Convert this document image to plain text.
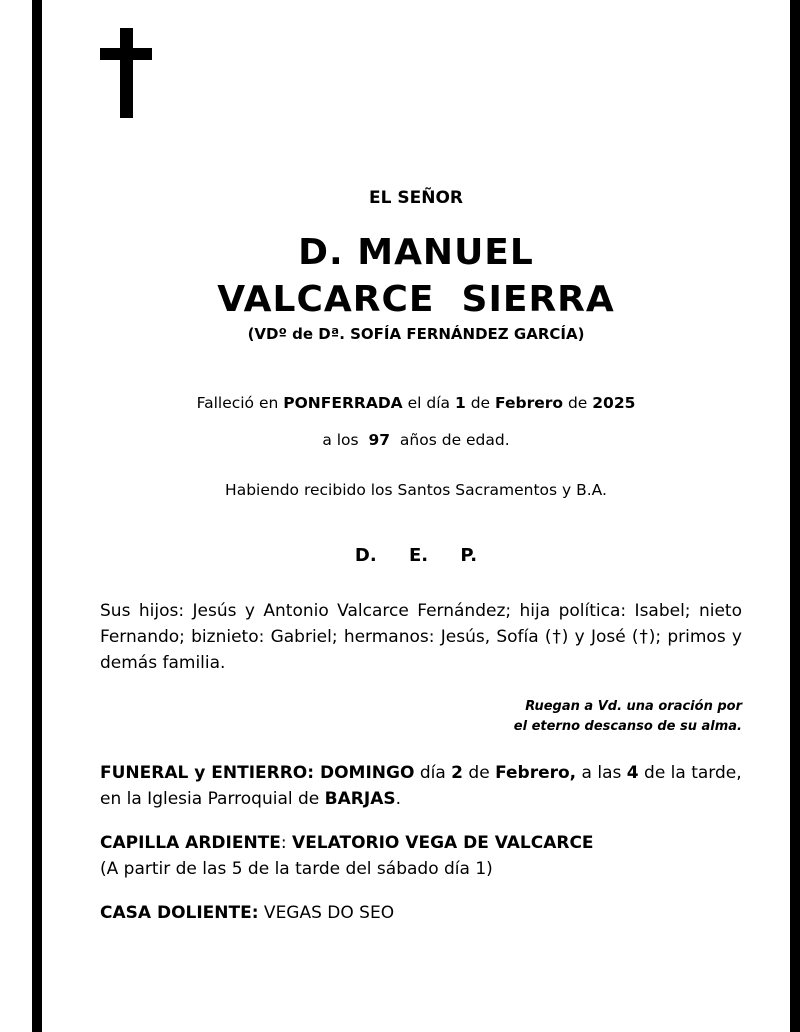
EL SEÑOR
D. MANUEL
VALCARCE  SIERRA
(VDº de Dª. SOFÍA FERNÁNDEZ GARCÍA)
Falleció en PONFERRADA el día 1 de Febrero de 2025
a los  97  años de edad.
Habiendo recibido los Santos Sacramentos y B.A.
D. E. P.
Sus hijos: Jesús y Antonio Valcarce Fernández; hija política: Isabel; nieto Fernando; biznieto: Gabriel; hermanos: Jesús, Sofía (†) y José (†); primos y demás familia.
Ruegan a Vd. una oración por
el eterno descanso de su alma.
FUNERAL y ENTIERRO: DOMINGO día 2 de Febrero, a las 4 de la tarde,
en la Iglesia Parroquial de BARJAS.
CAPILLA ARDIENTE: VELATORIO VEGA DE VALCARCE
(A partir de las 5 de la tarde del sábado día 1)
CASA DOLIENTE: VEGAS DO SEO
